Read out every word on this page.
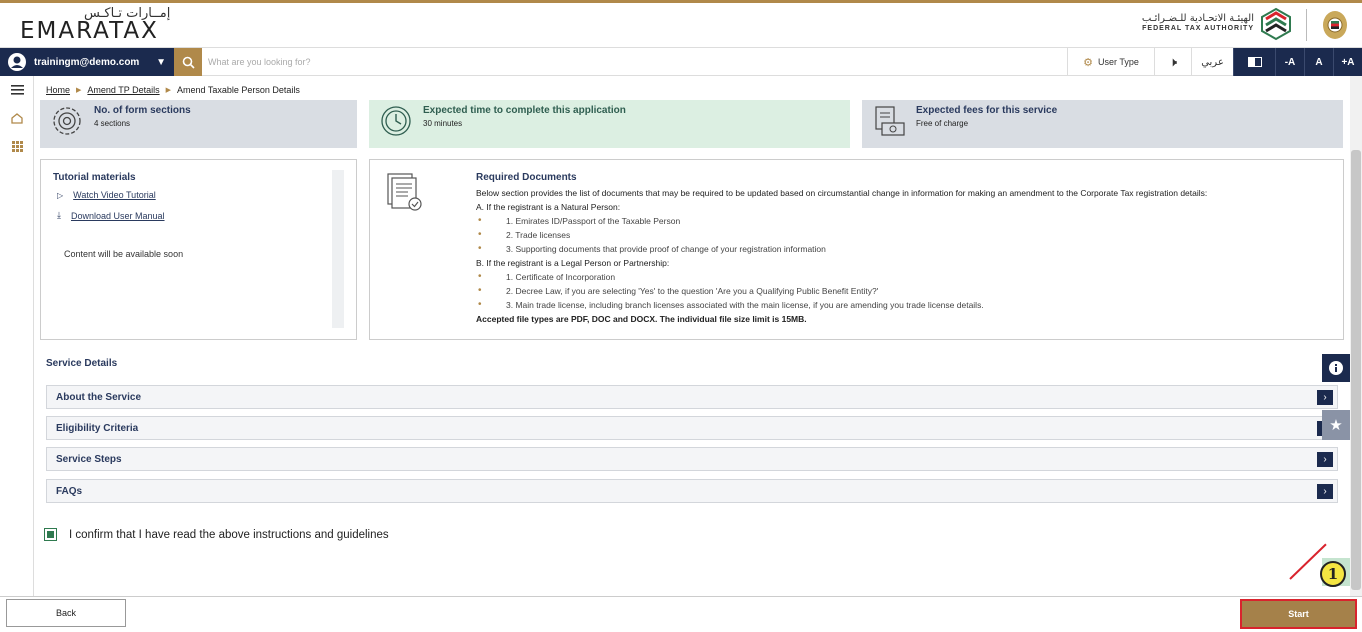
إمــارات تـاكـس
EMARATAX	الهيئـة الاتحـادية للـضـرائـب
FEDERAL TAX AUTHORITY
trainingm@demo.com	▼
What are you looking for?	⚙ User Type 🕨	عربي	-A	A	+A
Home ▶ Amend TP Details ▶ Amend Taxable Person Details
No. of form sections
4 sections
Expected time to complete this application
30 minutes
Expected fees for this service
Free of charge
Tutorial materials
▷ Watch Video Tutorial
⤓ Download User Manual
Content will be available soon
Required Documents
Below section provides the list of documents that may be required to be updated based on circumstantial change in information for making an amendment to the Corporate Tax registration details:
A. If the registrant is a Natural Person:
• 1. Emirates ID/Passport of the Taxable Person
• 2. Trade licenses
• 3. Supporting documents that provide proof of change of your registration information
B. If the registrant is a Legal Person or Partnership:
• 1. Certificate of Incorporation
• 2. Decree Law, if you are selecting 'Yes' to the question 'Are you a Qualifying Public Benefit Entity?'
• 3. Main trade license, including branch licenses associated with the main license, if you are amending you trade license details.
Accepted file types are PDF, DOC and DOCX. The individual file size limit is 15MB.
Service Details
About the Service	›
Eligibility Criteria
Service Steps	›
FAQs	›
★
I confirm that I have read the above instructions and guidelines
Back	Start
1
